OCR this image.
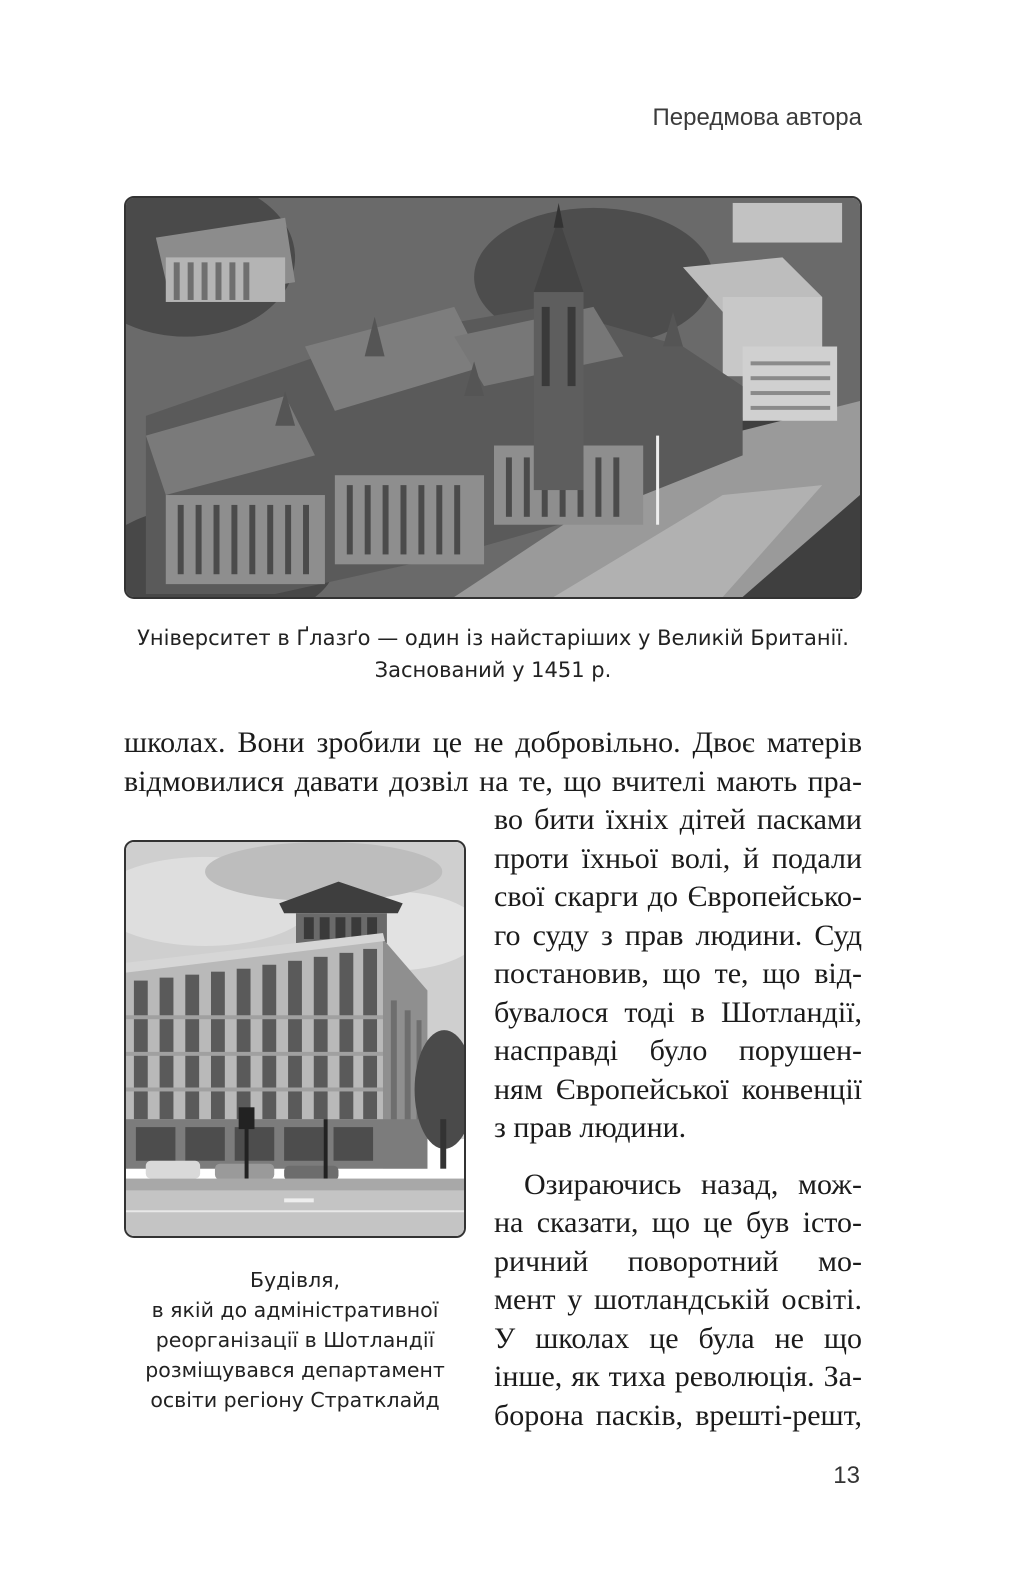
Передмова автора
Університет в Ґлазґо — один із найстаріших у Великій Британії.
Заснований у 1451 р.
школах. Вони зробили це не добровільно. Двоє матерів
відмовилися давати дозвіл на те, що вчителі мають пра-
Будівля,
в якій до адміністративної
реорганізації в Шотландії
розміщувався департамент
освіти регіону Стратклайд
во бити їхніх дітей пасками
проти їхньої волі, й подали
свої скарги до Європейсько-
го суду з прав людини. Суд
постановив, що те, що від-
бувалося тоді в Шотландії,
насправді було порушен-
ням Європейської конвенції
з прав людини.
Озираючись назад, мож-
на сказати, що це був істо-
ричний поворотний мо-
мент у шотландській освіті.
У школах це була не що
інше, як тиха революція. За-
борона пасків, врешті-решт,
13
